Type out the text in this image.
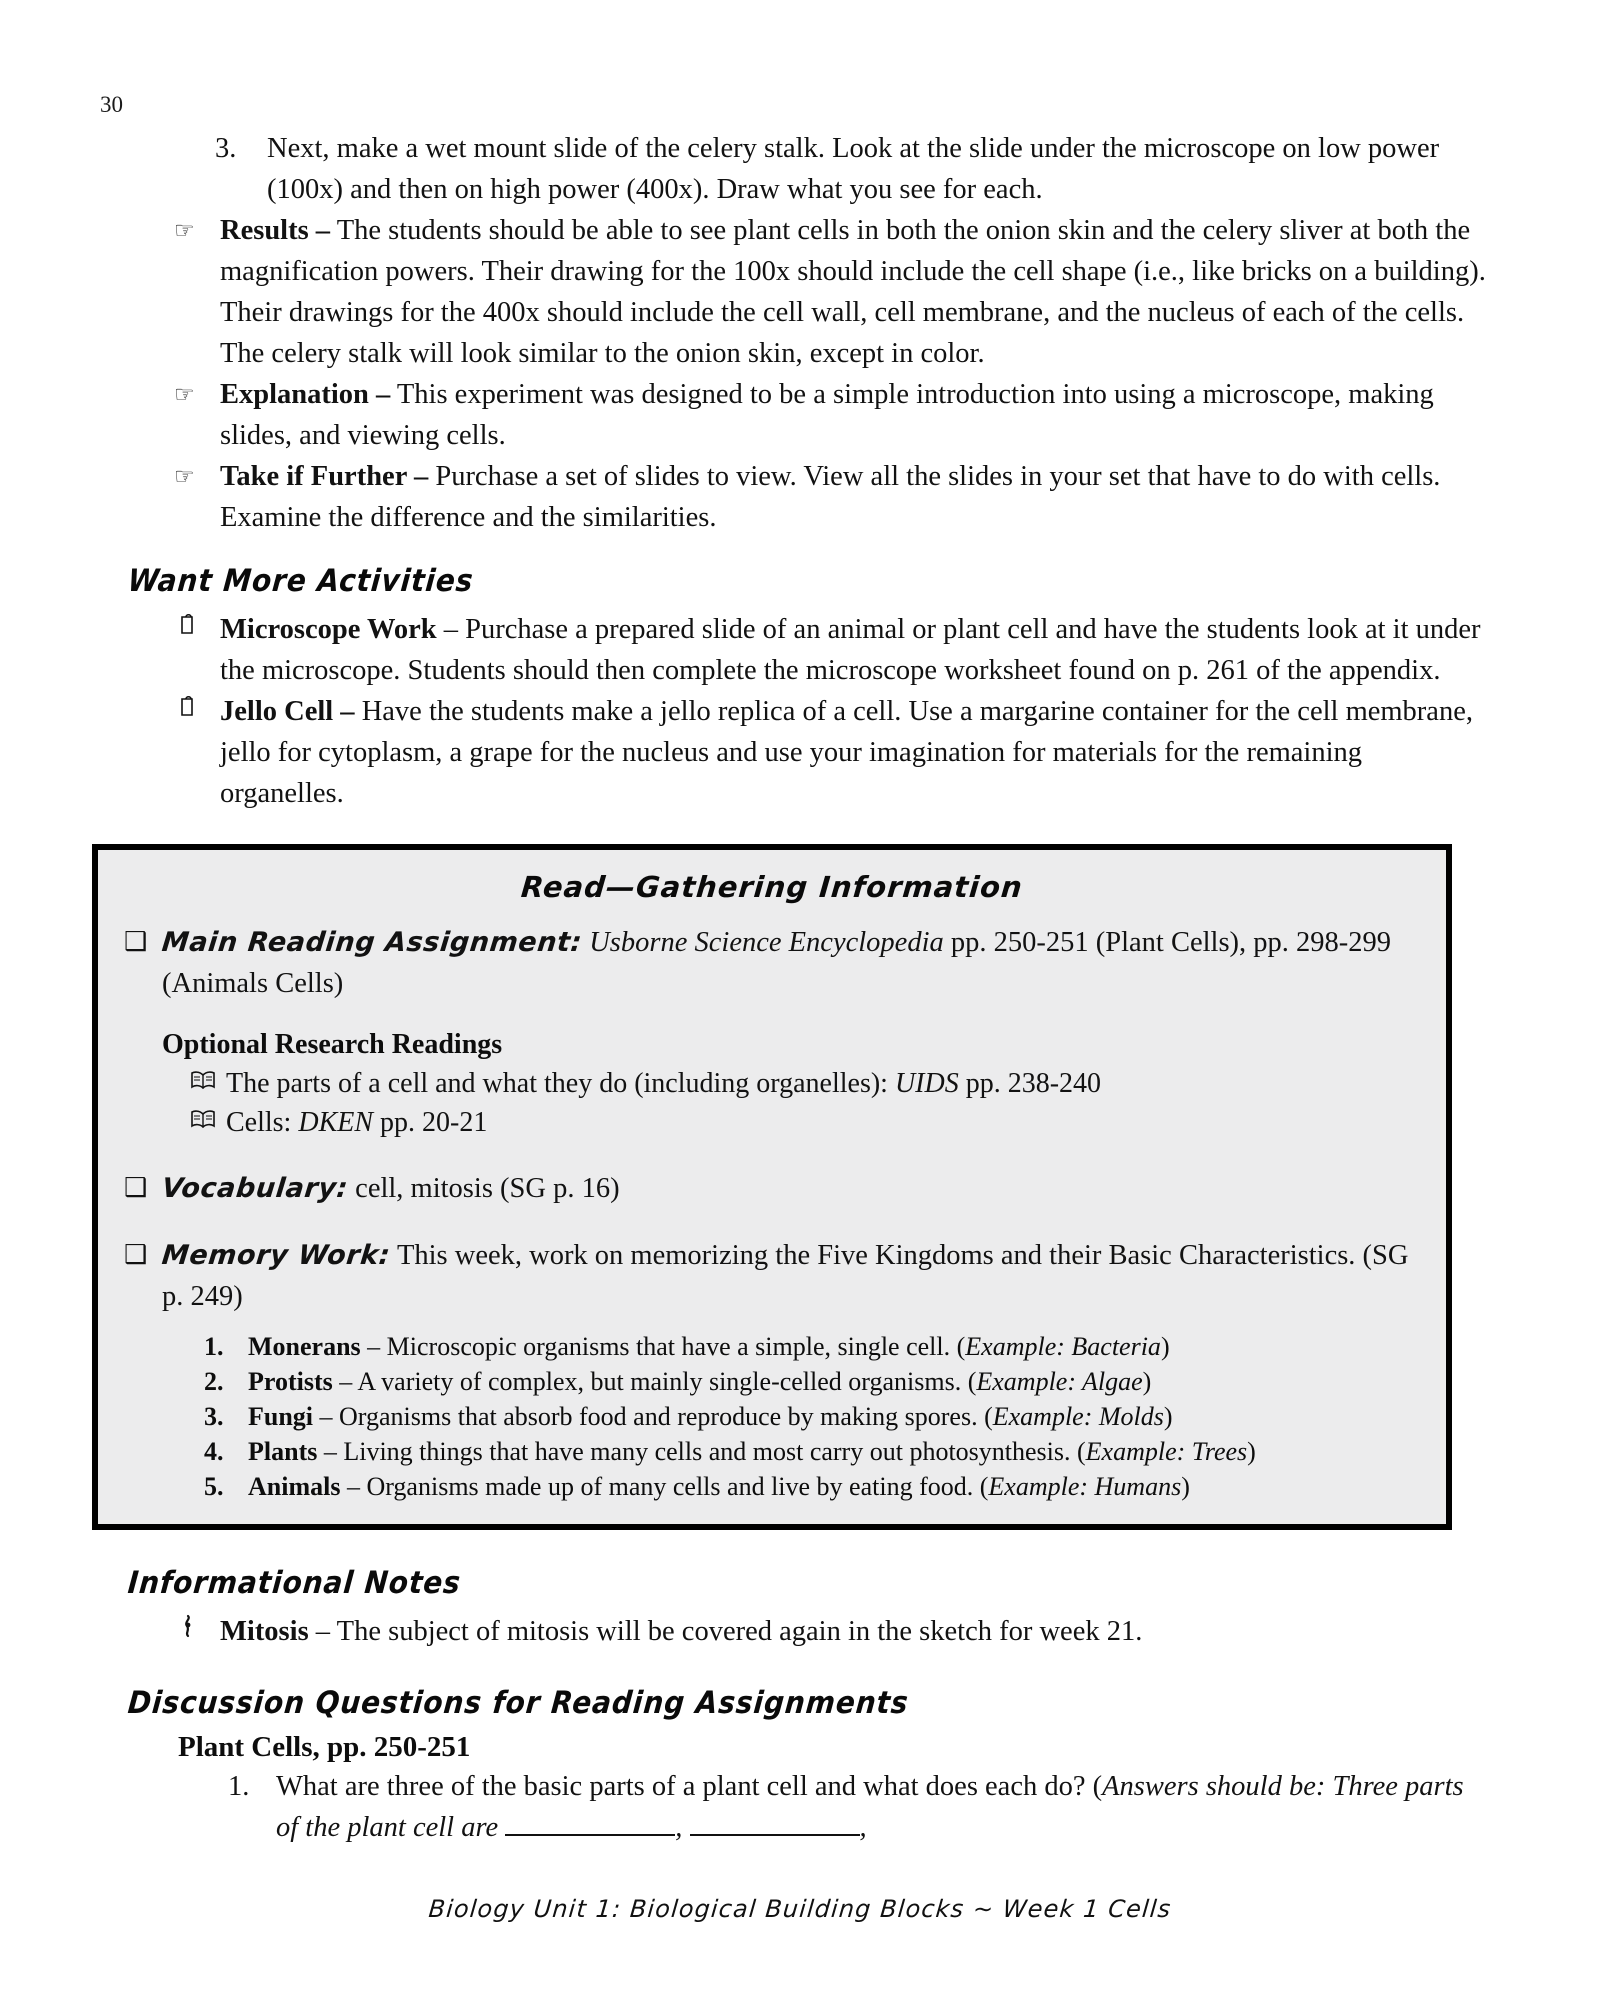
30
3.	Next, make a wet mount slide of the celery stalk. Look at the slide under the microscope on low power (100x) and then on high power (400x). Draw what you see for each.
☞ Results – The students should be able to see plant cells in both the onion skin and the celery sliver at both the magnification powers. Their drawing for the 100x should include the cell shape (i.e., like bricks on a building). Their drawings for the 400x should include the cell wall, cell membrane, and the nucleus of each of the cells. The celery stalk will look similar to the onion skin, except in color.
☞ Explanation – This experiment was designed to be a simple introduction into using a microscope, making slides, and viewing cells.
☞ Take if Further – Purchase a set of slides to view. View all the slides in your set that have to do with cells. Examine the difference and the similarities.
Want More Activities
Microscope Work – Purchase a prepared slide of an animal or plant cell and have the students look at it under the microscope. Students should then complete the microscope worksheet found on p. 261 of the appendix.
Jello Cell – Have the students make a jello replica of a cell. Use a margarine container for the cell membrane, jello for cytoplasm, a grape for the nucleus and use your imagination for materials for the remaining organelles.
Read—Gathering Information
❑ Main Reading Assignment: Usborne Science Encyclopedia pp. 250-251 (Plant Cells), pp. 298-299 (Animals Cells)
Optional Research Readings
The parts of a cell and what they do (including organelles): UIDS pp. 238-240
Cells: DKEN pp. 20-21
❑ Vocabulary: cell, mitosis (SG p. 16)
❑ Memory Work: This week, work on memorizing the Five Kingdoms and their Basic Characteristics. (SG p. 249)
1. Monerans – Microscopic organisms that have a simple, single cell. (Example: Bacteria)
2. Protists – A variety of complex, but mainly single-celled organisms. (Example: Algae)
3. Fungi – Organisms that absorb food and reproduce by making spores. (Example: Molds)
4. Plants – Living things that have many cells and most carry out photosynthesis. (Example: Trees)
5. Animals – Organisms made up of many cells and live by eating food. (Example: Humans)
Informational Notes
Mitosis – The subject of mitosis will be covered again in the sketch for week 21.
Discussion Questions for Reading Assignments
Plant Cells, pp. 250-251
1. What are three of the basic parts of a plant cell and what does each do? (Answers should be: Three parts of the plant cell are	,	,
Biology Unit 1: Biological Building Blocks ~ Week 1 Cells
